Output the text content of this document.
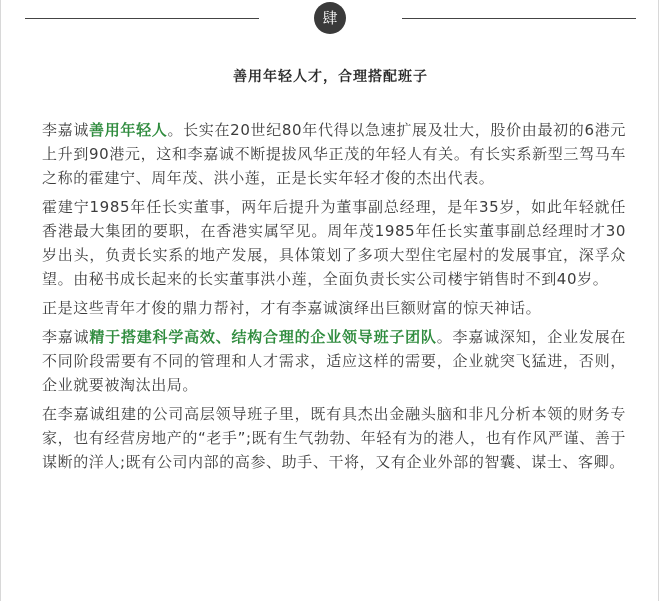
肆
善用年轻人才，合理搭配班子

李嘉诚善用年轻人。长实在20世纪80年代得以急速扩展及壮大，股价由最初的6港元上升到90港元，这和李嘉诚不断提拔风华正茂的年轻人有关。有长实系新型三驾马车之称的霍建宁、周年茂、洪小莲，正是长实年轻才俊的杰出代表。

霍建宁1985年任长实董事，两年后提升为董事副总经理，是年35岁，如此年轻就任香港最大集团的要职，在香港实属罕见。周年茂1985年任长实董事副总经理时才30岁出头，负责长实系的地产发展，具体策划了多项大型住宅屋村的发展事宜，深孚众望。由秘书成长起来的长实董事洪小莲，全面负责长实公司楼宇销售时不到40岁。

正是这些青年才俊的鼎力帮衬，才有李嘉诚演绎出巨额财富的惊天神话。

李嘉诚精于搭建科学高效、结构合理的企业领导班子团队。李嘉诚深知，企业发展在不同阶段需要有不同的管理和人才需求，适应这样的需要，企业就突飞猛进，否则，企业就要被淘汰出局。

在李嘉诚组建的公司高层领导班子里，既有具杰出金融头脑和非凡分析本领的财务专家，也有经营房地产的“老手”;既有生气勃勃、年轻有为的港人，也有作风严谨、善于谋断的洋人;既有公司内部的高参、助手、干将，又有企业外部的智囊、谋士、客卿。
